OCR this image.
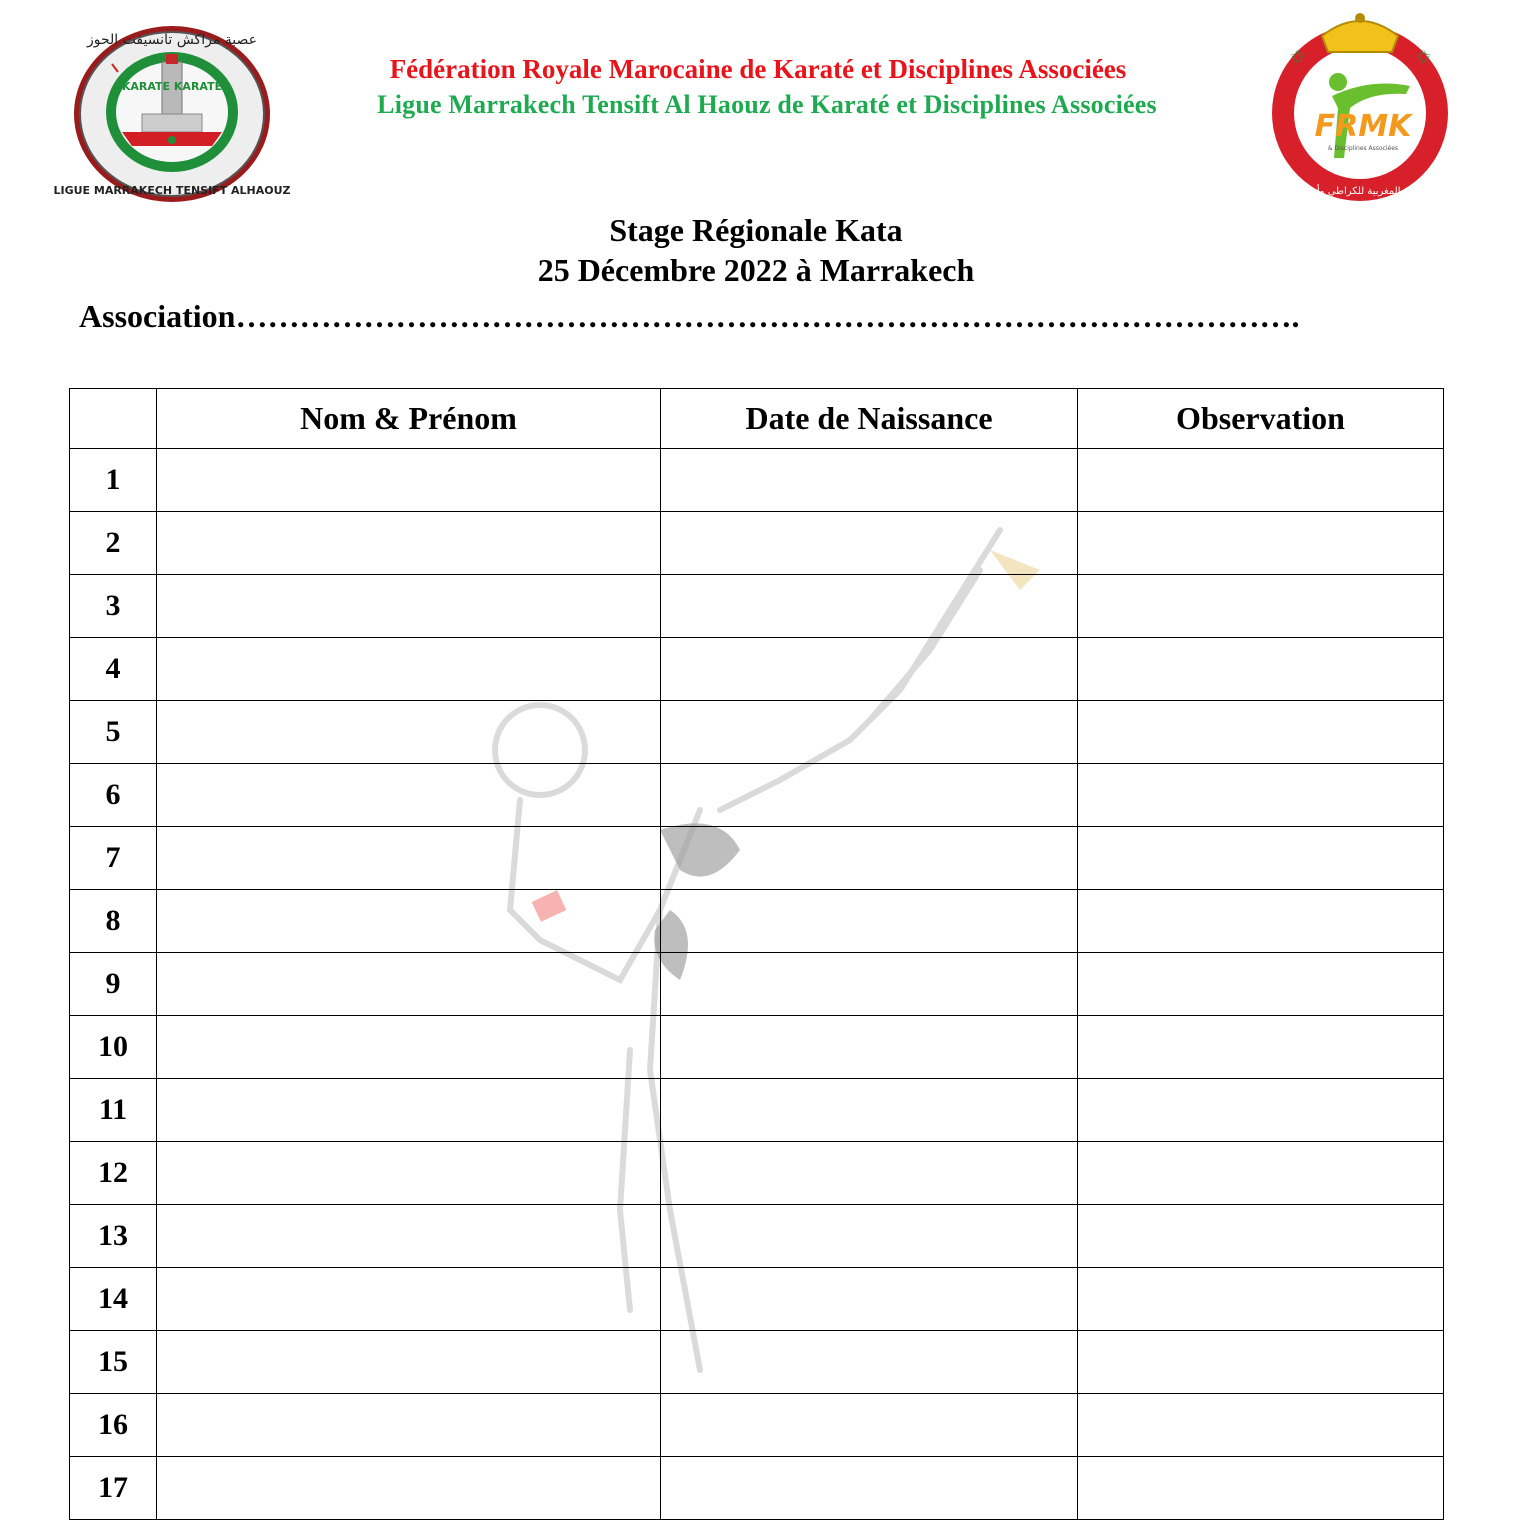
عصبة مراكش تانسيفت الحوز
LIGUE MARRAKECH TENSIFT ALHAOUZ
KARATE KARATE
FRMK
& Disciplines Associées
الجامعة الملكية المغربية للكراطي وأساليب مشتركة
✩	✩
Fédération Royale Marocaine de Karaté et Disciplines Associées
Ligue Marrakech Tensift Al Haouz de Karaté et Disciplines Associées
Stage Régionale Kata
25 Décembre 2022 à Marrakech
Association……………………………………………………………………………………….
	Nom & Prénom	Date de Naissance	Observation
1			
2			
3			
4			
5			
6			
7			
8			
9			
10			
11			
12			
13			
14			
15			
16			
17			
